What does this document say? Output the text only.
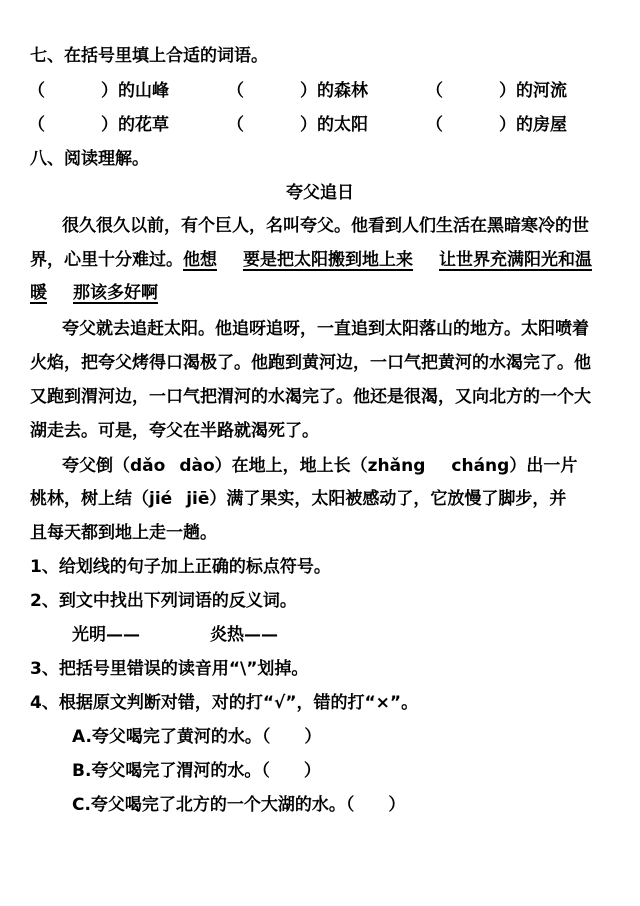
七、在括号里填上合适的词语。
（	）的山峰	（	）的森林	（	）的河流
（	）的花草	（	）的太阳	（	）的房屋
八、阅读理解。
夸父追日
很久很久以前，有个巨人，名叫夸父。他看到人们生活在黑暗寒冷的世
界，心里十分难过。他想 要是把太阳搬到地上来 让世界充满阳光和温
暖 那该多好啊
夸父就去追赶太阳。他追呀追呀，一直追到太阳落山的地方。太阳喷着
火焰，把夸父烤得口渴极了。他跑到黄河边，一口气把黄河的水渴完了。他
又跑到渭河边，一口气把渭河的水渴完了。他还是很渴，又向北方的一个大
湖走去。可是，夸父在半路就渴死了。
夸父倒（dǎo dào）在地上，地上长（zhǎng cháng）出一片
桃林，树上结（jié jiē）满了果实，太阳被感动了，它放慢了脚步，并
且每天都到地上走一趟。
1、给划线的句子加上正确的标点符号。
2、到文中找出下列词语的反义词。
光明——	炎热——
3、把括号里错误的读音用“\”划掉。
4、根据原文判断对错，对的打“√”，错的打“×”。
A.夸父喝完了黄河的水。（　　）
B.夸父喝完了渭河的水。（　　）
C.夸父喝完了北方的一个大湖的水。（　　）
